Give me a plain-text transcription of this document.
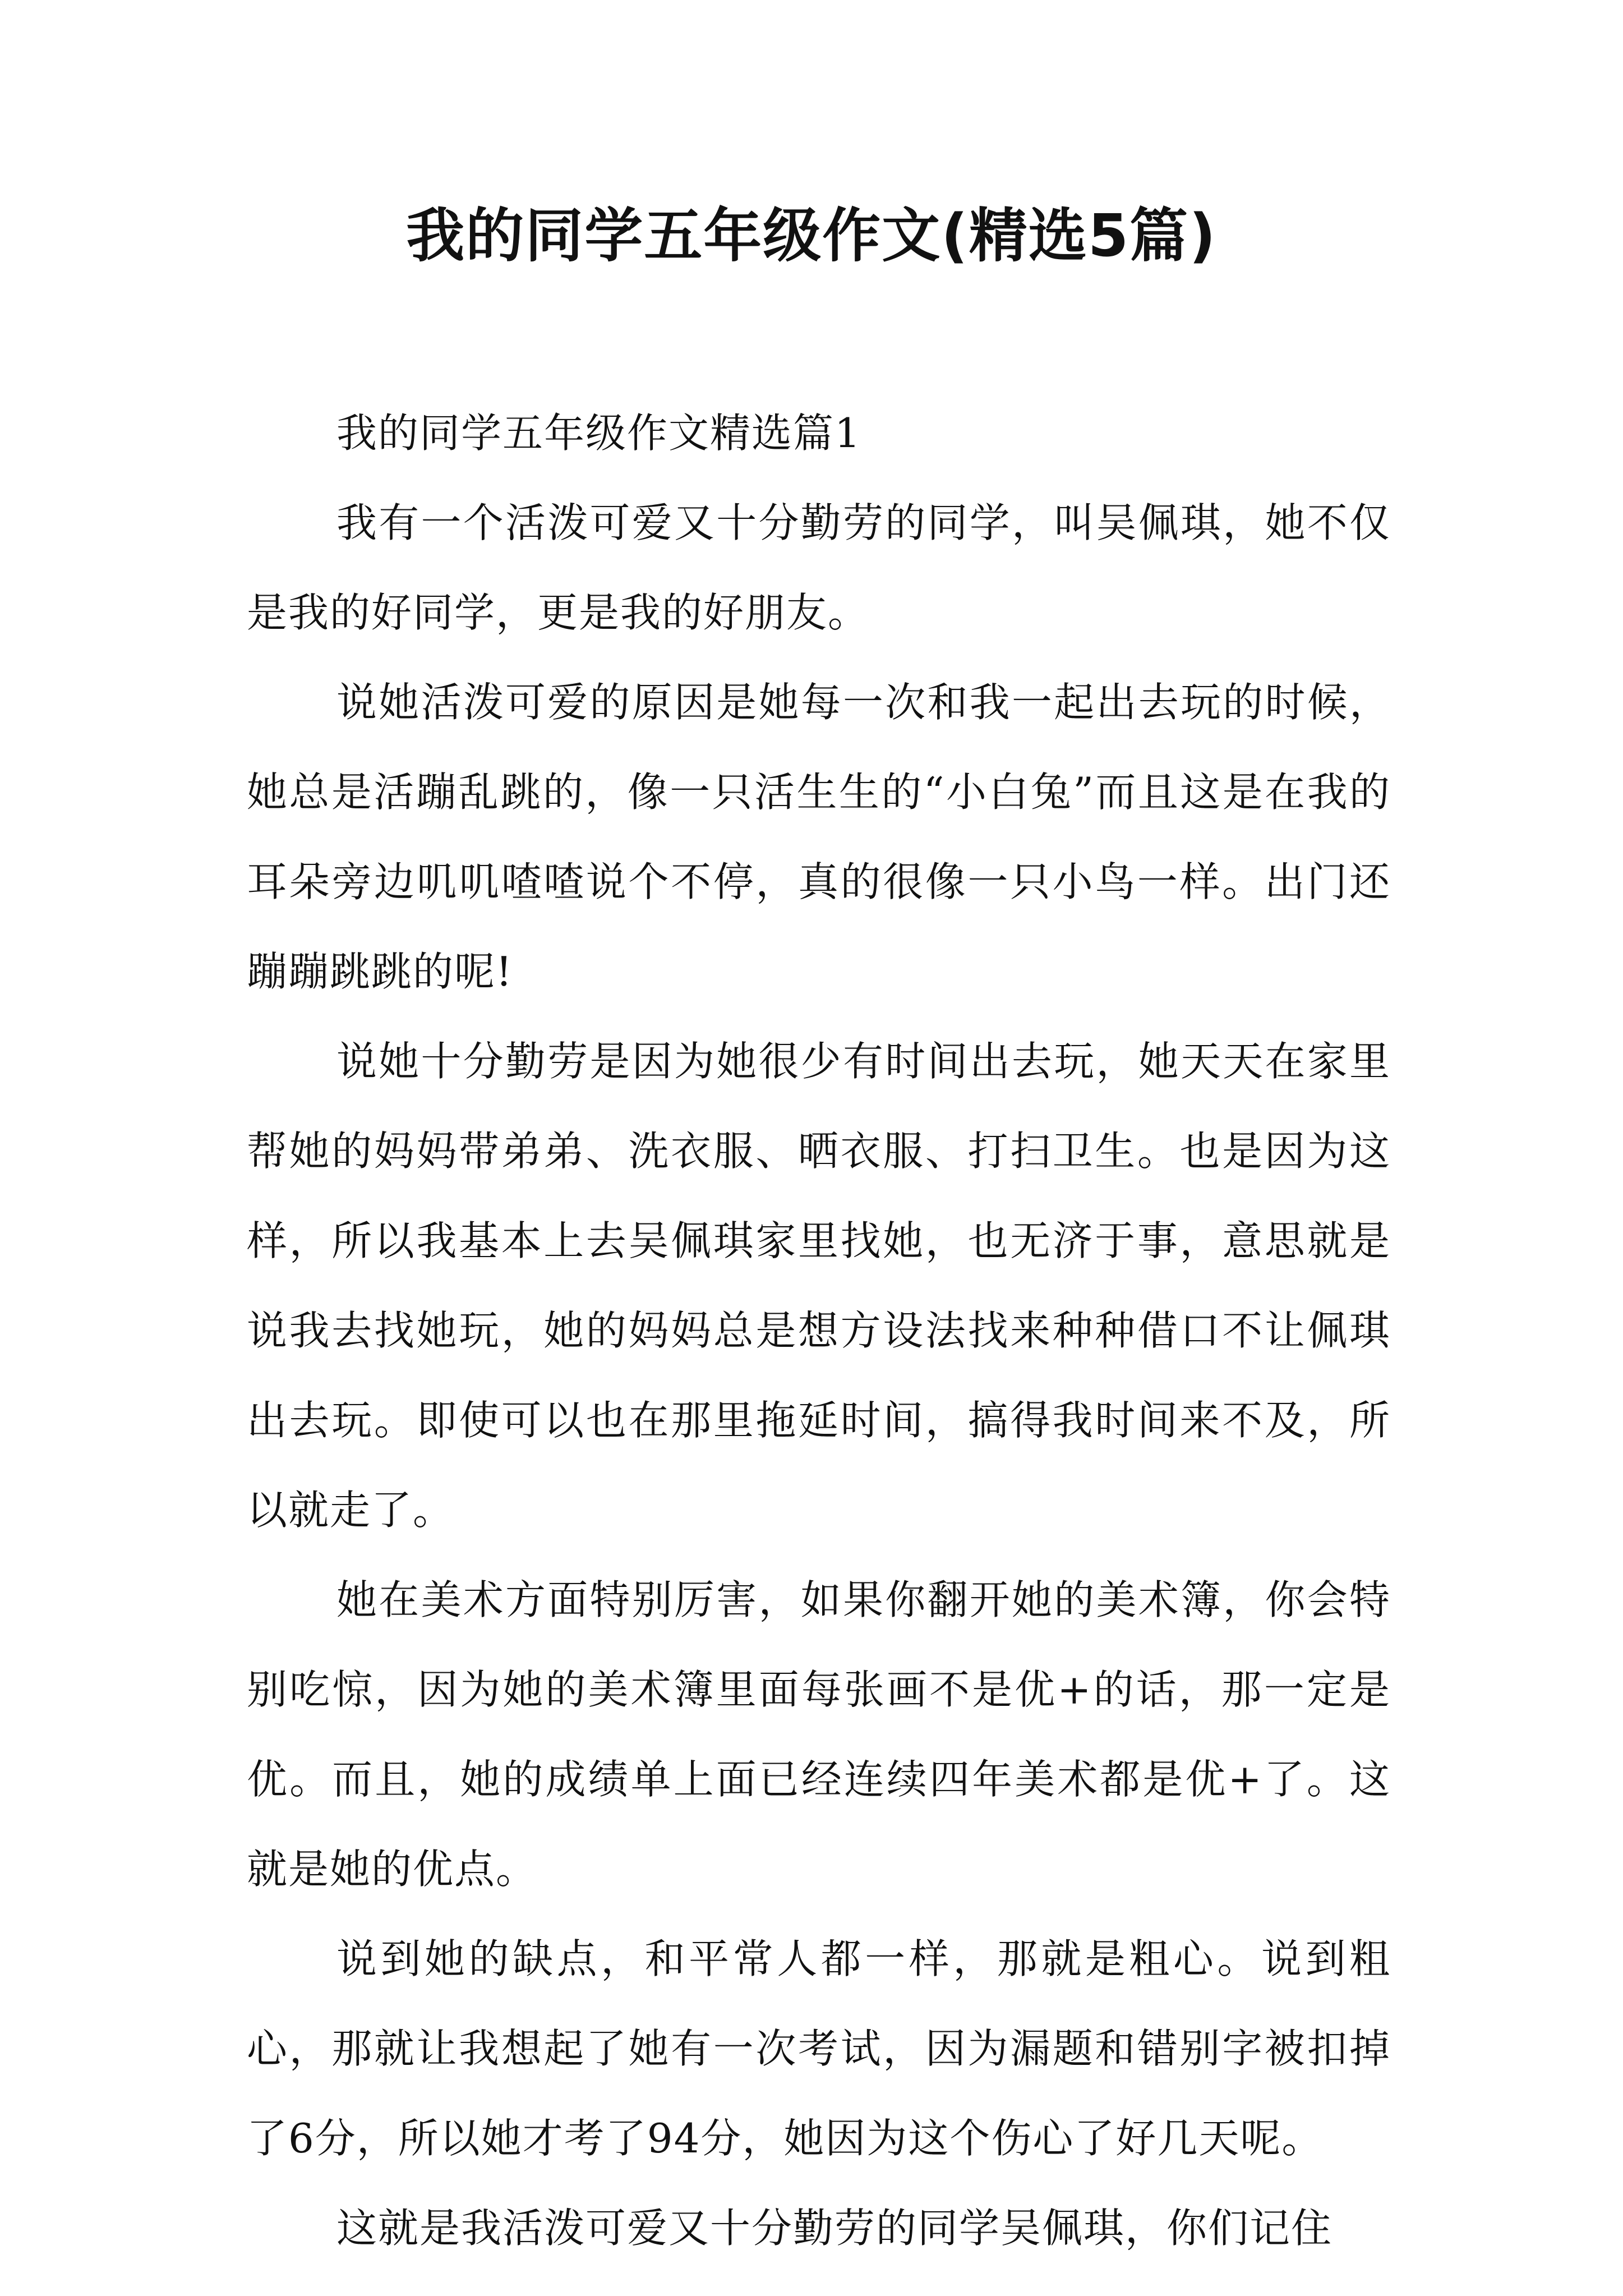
我的同学五年级作文(精选5篇)

我的同学五年级作文精选篇1

我有一个活泼可爱又十分勤劳的同学，叫吴佩琪，她不仅是我的好同学，更是我的好朋友。

说她活泼可爱的原因是她每一次和我一起出去玩的时候，她总是活蹦乱跳的，像一只活生生的“小白兔”而且这是在我的耳朵旁边叽叽喳喳说个不停，真的很像一只小鸟一样。出门还蹦蹦跳跳的呢!

说她十分勤劳是因为她很少有时间出去玩，她天天在家里帮她的妈妈带弟弟、洗衣服、晒衣服、打扫卫生。也是因为这样，所以我基本上去吴佩琪家里找她，也无济于事，意思就是说我去找她玩，她的妈妈总是想方设法找来种种借口不让佩琪出去玩。即使可以也在那里拖延时间，搞得我时间来不及，所以就走了。

她在美术方面特别厉害，如果你翻开她的美术簿，你会特别吃惊，因为她的美术簿里面每张画不是优+的话，那一定是优。而且，她的成绩单上面已经连续四年美术都是优+了。这就是她的优点。

说到她的缺点，和平常人都一样，那就是粗心。说到粗心，那就让我想起了她有一次考试，因为漏题和错别字被扣掉了6分，所以她才考了94分，她因为这个伤心了好几天呢。

这就是我活泼可爱又十分勤劳的同学吴佩琪，你们记住
